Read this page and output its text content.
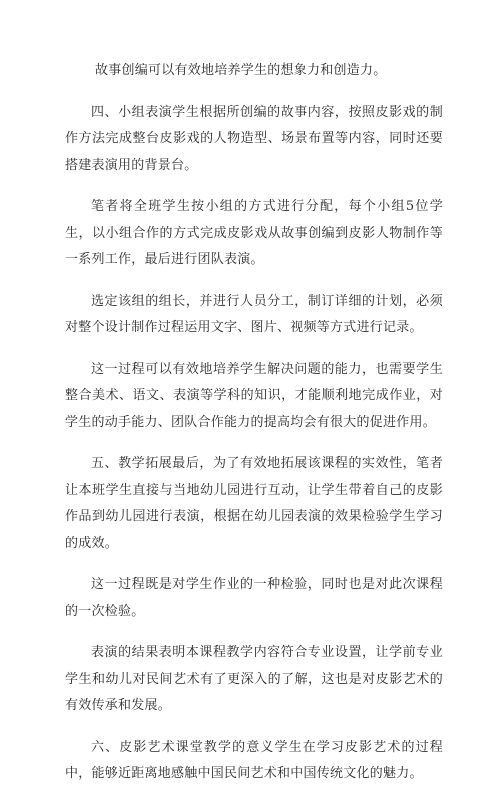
故事创编可以有效地培养学生的想象力和创造力。

四、小组表演学生根据所创编的故事内容，按照皮影戏的制作方法完成整台皮影戏的人物造型、场景布置等内容，同时还要搭建表演用的背景台。

笔者将全班学生按小组的方式进行分配，每个小组5位学生，以小组合作的方式完成皮影戏从故事创编到皮影人物制作等一系列工作，最后进行团队表演。

选定该组的组长，并进行人员分工，制订详细的计划，必须对整个设计制作过程运用文字、图片、视频等方式进行记录。

这一过程可以有效地培养学生解决问题的能力，也需要学生整合美术、语文、表演等学科的知识，才能顺利地完成作业，对学生的动手能力、团队合作能力的提高均会有很大的促进作用。

五、教学拓展最后，为了有效地拓展该课程的实效性，笔者让本班学生直接与当地幼儿园进行互动，让学生带着自己的皮影作品到幼儿园进行表演，根据在幼儿园表演的效果检验学生学习的成效。

这一过程既是对学生作业的一种检验，同时也是对此次课程的一次检验。

表演的结果表明本课程教学内容符合专业设置，让学前专业学生和幼儿对民间艺术有了更深入的了解，这也是对皮影艺术的有效传承和发展。

六、皮影艺术课堂教学的意义学生在学习皮影艺术的过程中，能够近距离地感触中国民间艺术和中国传统文化的魅力。
